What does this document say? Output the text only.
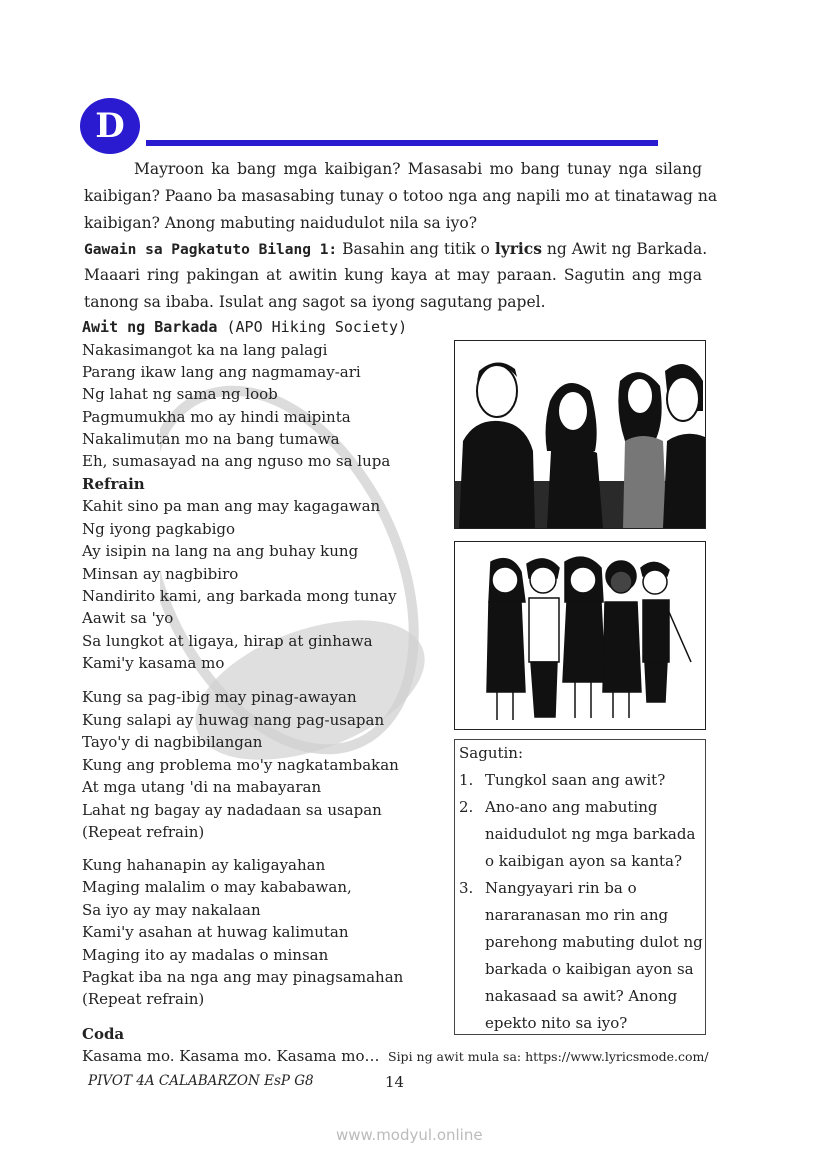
D
Mayroon ka bang mga kaibigan? Masasabi mo bang tunay nga silang
kaibigan? Paano ba masasabing tunay o totoo nga ang napili mo at tinatawag na
kaibigan? Anong mabuting naidudulot nila sa iyo?
Gawain sa Pagkatuto Bilang 1: Basahin ang titik o lyrics ng Awit ng Barkada.
Maaari ring pakingan at awitin kung kaya at may paraan. Sagutin ang mga
tanong sa ibaba. Isulat ang sagot sa iyong sagutang papel.
Awit ng Barkada (APO Hiking Society)
Nakasimangot ka na lang palagi
Parang ikaw lang ang nagmamay-ari
Ng lahat ng sama ng loob
Pagmumukha mo ay hindi maipinta
Nakalimutan mo na bang tumawa
Eh, sumasayad na ang nguso mo sa lupa
Refrain
Kahit sino pa man ang may kagagawan
Ng iyong pagkabigo
Ay isipin na lang na ang buhay kung
Minsan ay nagbibiro
Nandirito kami, ang barkada mong tunay
Aawit sa 'yo
Sa lungkot at ligaya, hirap at ginhawa
Kami'y kasama mo
Kung sa pag-ibig may pinag-awayan
Kung salapi ay huwag nang pag-usapan
Tayo'y di nagbibilangan
Kung ang problema mo'y nagkatambakan
At mga utang 'di na mabayaran
Lahat ng bagay ay nadadaan sa usapan
(Repeat refrain)
Kung hahanapin ay kaligayahan
Maging malalim o may kababawan,
Sa iyo ay may nakalaan
Kami'y asahan at huwag kalimutan
Maging ito ay madalas o minsan
Pagkat iba na nga ang may pinagsamahan
(Repeat refrain)
Coda
Kasama mo. Kasama mo. Kasama mo…
Sagutin:
1. Tungkol saan ang awit?
2. Ano-ano ang mabuting
naidudulot ng mga barkada
o kaibigan ayon sa kanta?
3. Nangyayari rin ba o
nararanasan mo rin ang
parehong mabuting dulot ng
barkada o kaibigan ayon sa
nakasaad sa awit? Anong
epekto nito sa iyo?
Sipi ng awit mula sa: https://www.lyricsmode.com/
PIVOT 4A CALABARZON EsP G8	14
www.modyul.online
